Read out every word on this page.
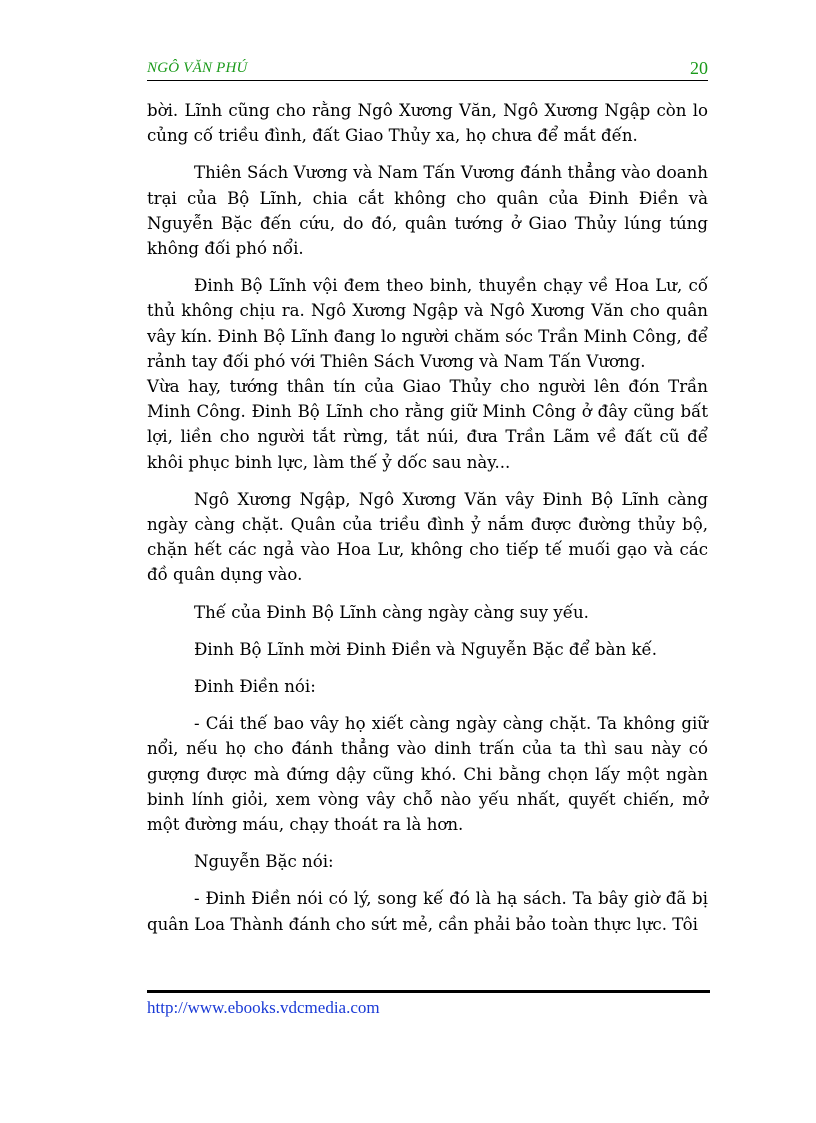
NGÔ VĂN PHÚ	20

bời. Lĩnh cũng cho rằng Ngô Xương Văn, Ngô Xương Ngập còn lo củng cố triều đình, đất Giao Thủy xa, họ chưa để mắt đến.

Thiên Sách Vương và Nam Tấn Vương đánh thẳng vào doanh trại của Bộ Lĩnh, chia cắt không cho quân của Đinh Điền và Nguyễn Bặc đến cứu, do đó, quân tướng ở Giao Thủy lúng túng không đối phó nổi.

Đinh Bộ Lĩnh vội đem theo binh, thuyền chạy về Hoa Lư, cố thủ không chịu ra. Ngô Xương Ngập và Ngô Xương Văn cho quân vây kín. Đinh Bộ Lĩnh đang lo người chăm sóc Trần Minh Công, để rảnh tay đối phó với Thiên Sách Vương và Nam Tấn Vương.

Vừa hay, tướng thân tín của Giao Thủy cho người lên đón Trần Minh Công. Đinh Bộ Lĩnh cho rằng giữ Minh Công ở đây cũng bất lợi, liền cho người tắt rừng, tắt núi, đưa Trần Lãm về đất cũ để khôi phục binh lực, làm thế ỷ dốc sau này...

Ngô Xương Ngập, Ngô Xương Văn vây Đinh Bộ Lĩnh càng ngày càng chặt. Quân của triều đình ỷ nắm được đường thủy bộ, chặn hết các ngả vào Hoa Lư, không cho tiếp tế muối gạo và các đồ quân dụng vào.

Thế của Đinh Bộ Lĩnh càng ngày càng suy yếu.

Đinh Bộ Lĩnh mời Đinh Điền và Nguyễn Bặc để bàn kế.

Đinh Điền nói:

- Cái thế bao vây họ xiết càng ngày càng chặt. Ta không giữ nổi, nếu họ cho đánh thẳng vào dinh trấn của ta thì sau này có gượng được mà đứng dậy cũng khó. Chi bằng chọn lấy một ngàn binh lính giỏi, xem vòng vây chỗ nào yếu nhất, quyết chiến, mở một đường máu, chạy thoát ra là hơn.

Nguyễn Bặc nói:

- Đinh Điền nói có lý, song kế đó là hạ sách. Ta bây giờ đã bị quân Loa Thành đánh cho sứt mẻ, cần phải bảo toàn thực lực. Tôi

http://www.ebooks.vdcmedia.com
